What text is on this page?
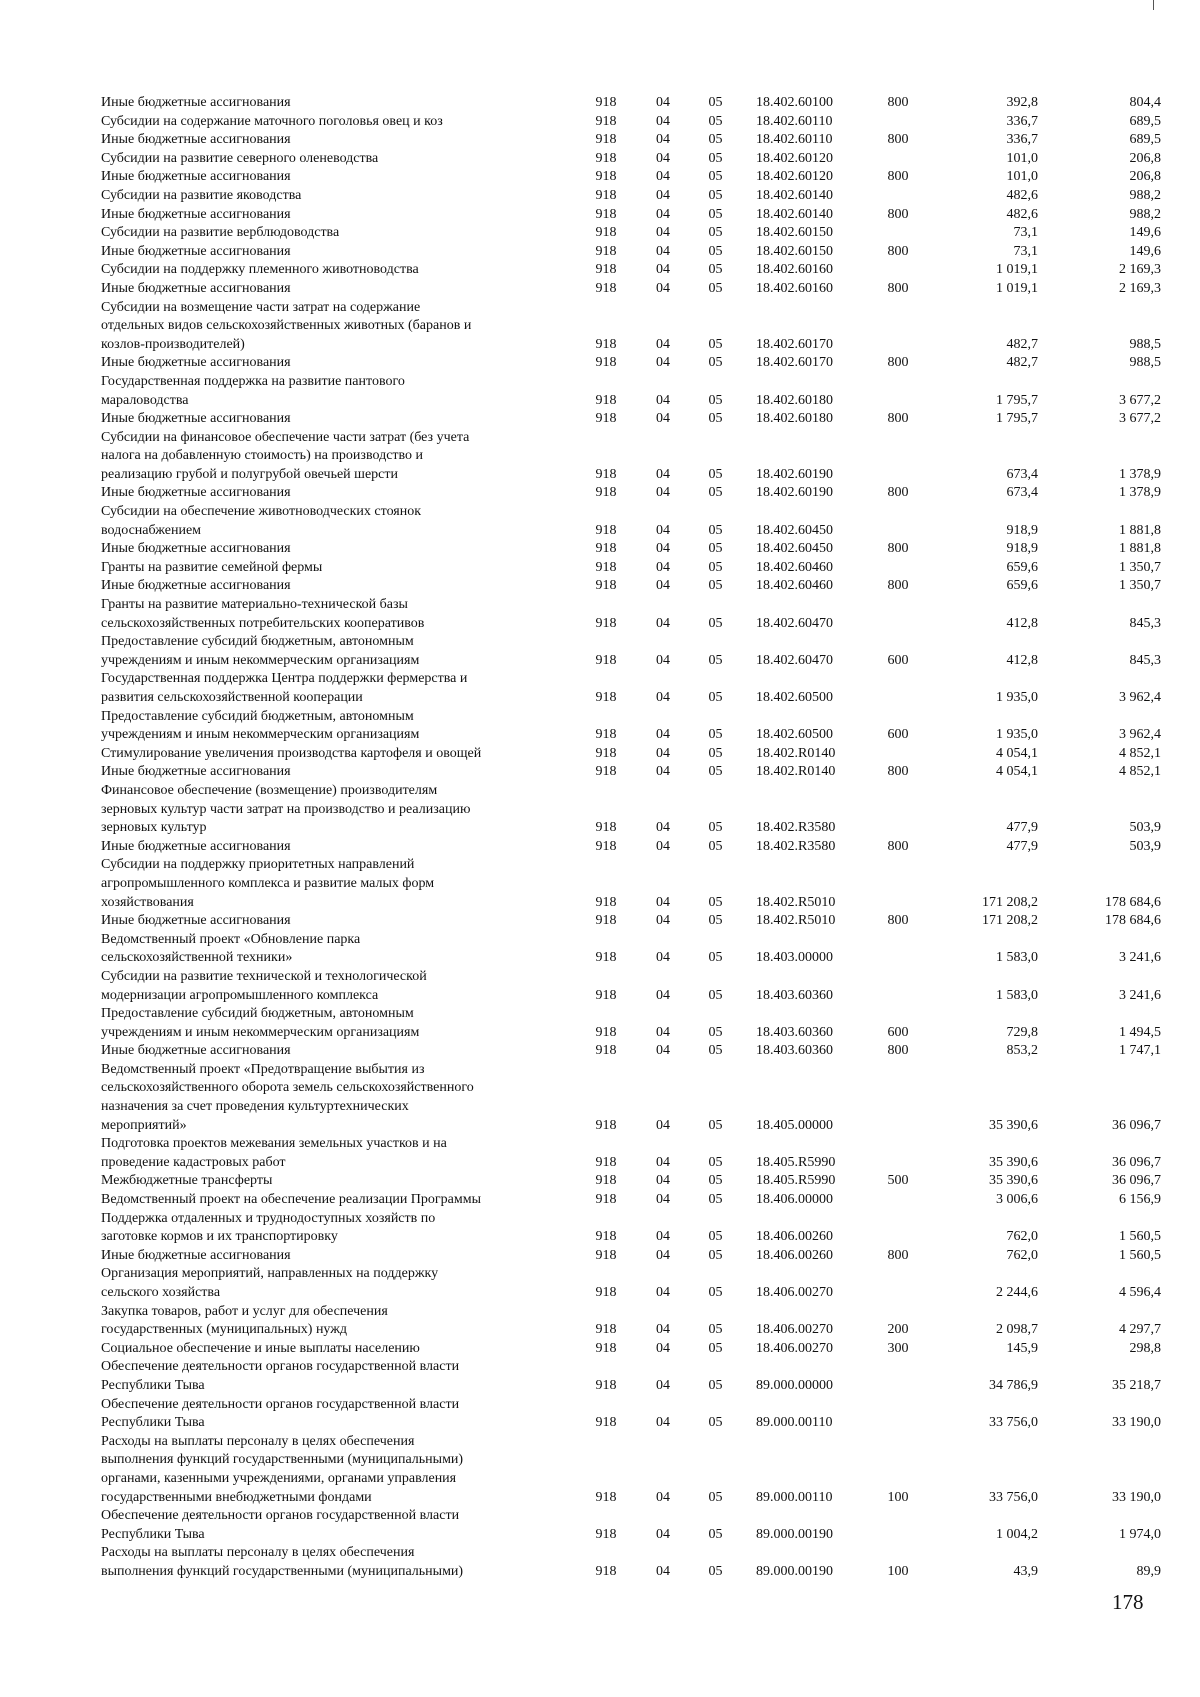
Иные бюджетные ассигнования	918	04	05	18.402.60100	800	392,8	804,4
Субсидии на содержание маточного поголовья овец и коз	918	04	05	18.402.60110		336,7	689,5
Иные бюджетные ассигнования	918	04	05	18.402.60110	800	336,7	689,5
Субсидии на развитие северного оленеводства	918	04	05	18.402.60120		101,0	206,8
Иные бюджетные ассигнования	918	04	05	18.402.60120	800	101,0	206,8
Субсидии на развитие яководства	918	04	05	18.402.60140		482,6	988,2
Иные бюджетные ассигнования	918	04	05	18.402.60140	800	482,6	988,2
Субсидии на развитие верблюдоводства	918	04	05	18.402.60150		73,1	149,6
Иные бюджетные ассигнования	918	04	05	18.402.60150	800	73,1	149,6
Субсидии на поддержку племенного животноводства	918	04	05	18.402.60160		1 019,1	2 169,3
Иные бюджетные ассигнования	918	04	05	18.402.60160	800	1 019,1	2 169,3
Субсидии на возмещение части затрат на содержание
отдельных видов сельскохозяйственных животных (баранов и
козлов-производителей)	918	04	05	18.402.60170		482,7	988,5
Иные бюджетные ассигнования	918	04	05	18.402.60170	800	482,7	988,5
Государственная поддержка на развитие пантового
мараловодства	918	04	05	18.402.60180		1 795,7	3 677,2
Иные бюджетные ассигнования	918	04	05	18.402.60180	800	1 795,7	3 677,2
Субсидии на финансовое обеспечение части затрат (без учета
налога на добавленную стоимость) на производство и
реализацию грубой и полугрубой овечьей шерсти	918	04	05	18.402.60190		673,4	1 378,9
Иные бюджетные ассигнования	918	04	05	18.402.60190	800	673,4	1 378,9
Субсидии на обеспечение животноводческих стоянок
водоснабжением	918	04	05	18.402.60450		918,9	1 881,8
Иные бюджетные ассигнования	918	04	05	18.402.60450	800	918,9	1 881,8
Гранты на развитие семейной фермы	918	04	05	18.402.60460		659,6	1 350,7
Иные бюджетные ассигнования	918	04	05	18.402.60460	800	659,6	1 350,7
Гранты на развитие материально-технической базы
сельскохозяйственных потребительских кооперативов	918	04	05	18.402.60470		412,8	845,3
Предоставление субсидий бюджетным, автономным
учреждениям и иным некоммерческим организациям	918	04	05	18.402.60470	600	412,8	845,3
Государственная поддержка Центра поддержки фермерства и
развития сельскохозяйственной кооперации	918	04	05	18.402.60500		1 935,0	3 962,4
Предоставление субсидий бюджетным, автономным
учреждениям и иным некоммерческим организациям	918	04	05	18.402.60500	600	1 935,0	3 962,4
Стимулирование увеличения производства картофеля и овощей	918	04	05	18.402.R0140		4 054,1	4 852,1
Иные бюджетные ассигнования	918	04	05	18.402.R0140	800	4 054,1	4 852,1
Финансовое обеспечение (возмещение) производителям
зерновых культур части затрат на производство и реализацию
зерновых культур	918	04	05	18.402.R3580		477,9	503,9
Иные бюджетные ассигнования	918	04	05	18.402.R3580	800	477,9	503,9
Субсидии на поддержку приоритетных направлений
агропромышленного комплекса и развитие малых форм
хозяйствования	918	04	05	18.402.R5010		171 208,2	178 684,6
Иные бюджетные ассигнования	918	04	05	18.402.R5010	800	171 208,2	178 684,6
Ведомственный проект «Обновление парка
сельскохозяйственной техники»	918	04	05	18.403.00000		1 583,0	3 241,6
Субсидии на развитие технической и технологической
модернизации агропромышленного комплекса	918	04	05	18.403.60360		1 583,0	3 241,6
Предоставление субсидий бюджетным, автономным
учреждениям и иным некоммерческим организациям	918	04	05	18.403.60360	600	729,8	1 494,5
Иные бюджетные ассигнования	918	04	05	18.403.60360	800	853,2	1 747,1
Ведомственный проект «Предотвращение выбытия из
сельскохозяйственного оборота земель сельскохозяйственного
назначения за счет проведения культуртехнических
мероприятий»	918	04	05	18.405.00000		35 390,6	36 096,7
Подготовка проектов межевания земельных участков и на
проведение кадастровых работ	918	04	05	18.405.R5990		35 390,6	36 096,7
Межбюджетные трансферты	918	04	05	18.405.R5990	500	35 390,6	36 096,7
Ведомственный проект на обеспечение реализации Программы	918	04	05	18.406.00000		3 006,6	6 156,9
Поддержка отдаленных и труднодоступных хозяйств по
заготовке кормов и их транспортировку	918	04	05	18.406.00260		762,0	1 560,5
Иные бюджетные ассигнования	918	04	05	18.406.00260	800	762,0	1 560,5
Организация мероприятий, направленных на поддержку
сельского хозяйства	918	04	05	18.406.00270		2 244,6	4 596,4
Закупка товаров, работ и услуг для обеспечения
государственных (муниципальных) нужд	918	04	05	18.406.00270	200	2 098,7	4 297,7
Социальное обеспечение и иные выплаты населению	918	04	05	18.406.00270	300	145,9	298,8
Обеспечение деятельности органов государственной власти
Республики Тыва	918	04	05	89.000.00000		34 786,9	35 218,7
Обеспечение деятельности органов государственной власти
Республики Тыва	918	04	05	89.000.00110		33 756,0	33 190,0
Расходы на выплаты персоналу в целях обеспечения
выполнения функций государственными (муниципальными)
органами, казенными учреждениями, органами управления
государственными внебюджетными фондами	918	04	05	89.000.00110	100	33 756,0	33 190,0
Обеспечение деятельности органов государственной власти
Республики Тыва	918	04	05	89.000.00190		1 004,2	1 974,0
Расходы на выплаты персоналу в целях обеспечения
выполнения функций государственными (муниципальными)	918	04	05	89.000.00190	100	43,9	89,9
178
